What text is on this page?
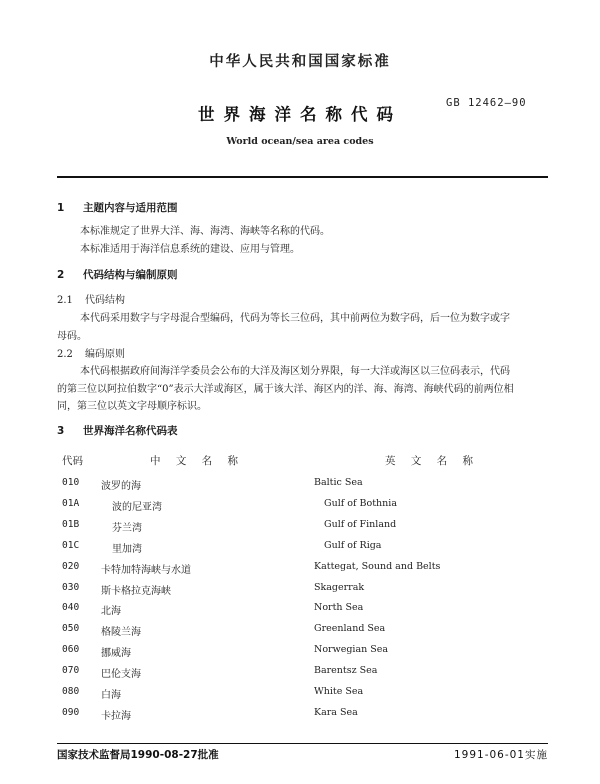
中华人民共和国国家标准
世界海洋名称代码
GB 12462—90
World ocean/sea area codes
1 主题内容与适用范围
本标准规定了世界大洋、海、海湾、海峡等名称的代码。
本标准适用于海洋信息系统的建设、应用与管理。
2 代码结构与编制原则
2.1 代码结构
本代码采用数字与字母混合型编码，代码为等长三位码，其中前两位为数字码，后一位为数字或字
母码。
2.2 编码原则
本代码根据政府间海洋学委员会公布的大洋及海区划分界限，每一大洋或海区以三位码表示，代码
的第三位以阿拉伯数字“0”表示大洋或海区，属于该大洋、海区内的洋、海、海湾、海峡代码的前两位相
同，第三位以英文字母顺序标识。
3 世界海洋名称代码表
代码	中 文 名 称	英 文 名 称
010 波罗的海	Baltic Sea
01A	波的尼亚湾	Gulf of Bothnia
01B	芬兰湾	Gulf of Finland
01C	里加湾	Gulf of Riga
020 卡特加特海峡与水道	Kattegat, Sound and Belts
030 斯卡格拉克海峡	Skagerrak
040 北海	North Sea
050 格陵兰海	Greenland Sea
060 挪威海	Norwegian Sea
070 巴伦支海	Barentsz Sea
080 白海	White Sea
090 卡拉海	Kara Sea
国家技术监督局1990-08-27批准	1991-06-01实施
